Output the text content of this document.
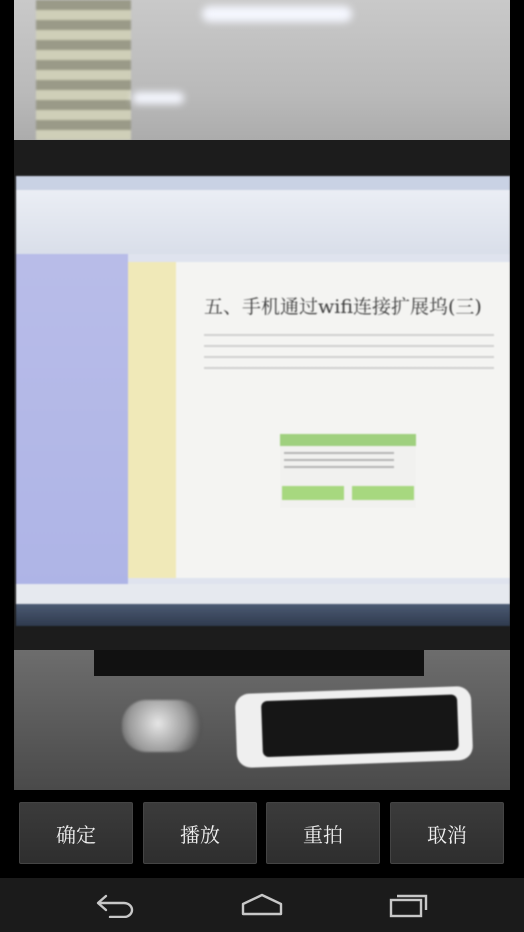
五、手机通过wifi连接扩展坞(三)
确定	播放	重拍	取消
